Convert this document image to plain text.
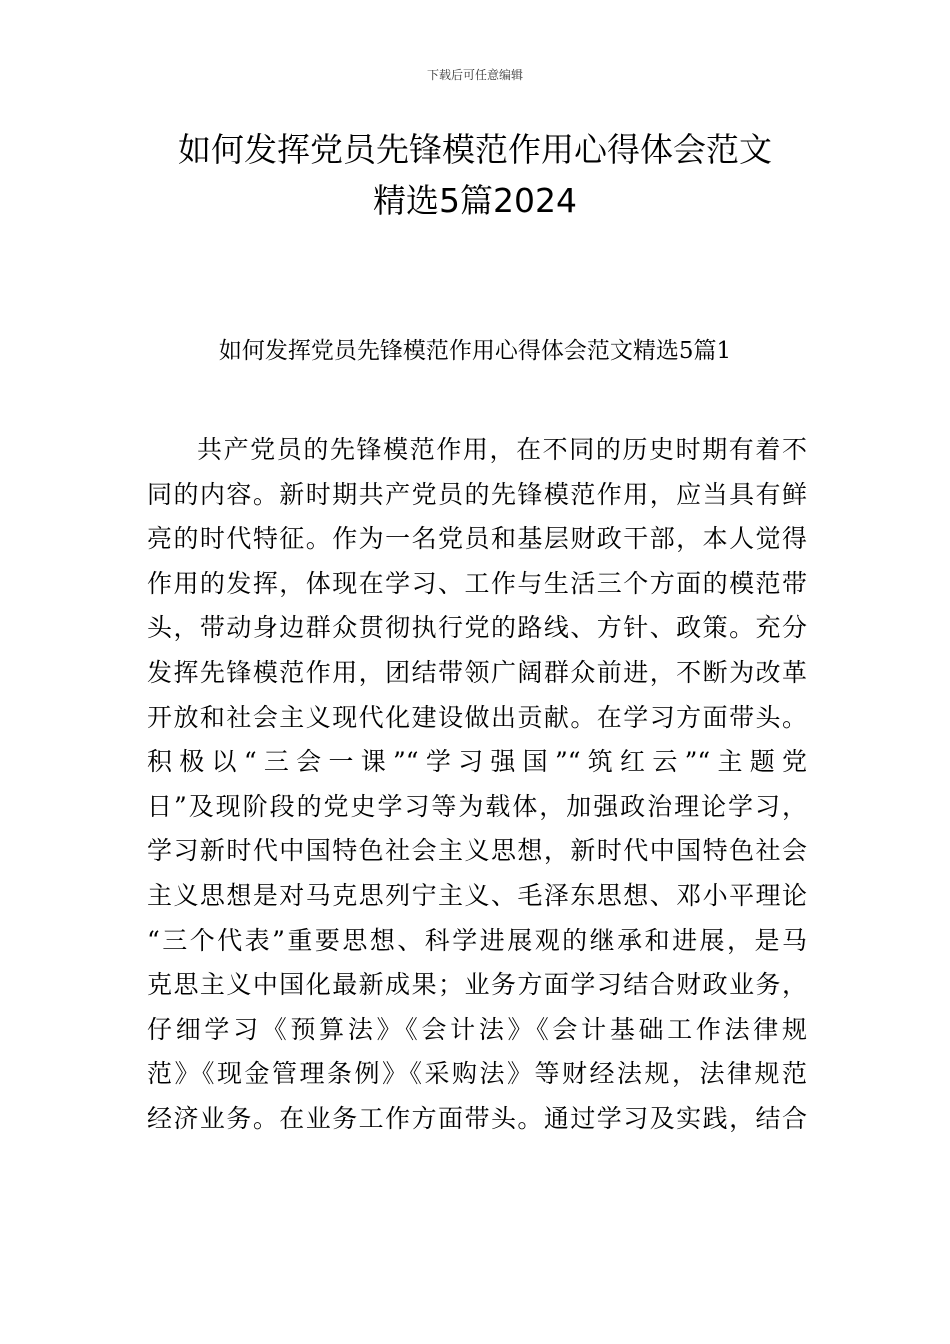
下载后可任意编辑
如何发挥党员先锋模范作用心得体会范文
精选5篇2024
如何发挥党员先锋模范作用心得体会范文精选5篇1
共产党员的先锋模范作用，在不同的历史时期有着不
同的内容。新时期共产党员的先锋模范作用，应当具有鲜
亮的时代特征。作为一名党员和基层财政干部，本人觉得
作用的发挥，体现在学习、工作与生活三个方面的模范带
头，带动身边群众贯彻执行党的路线、方针、政策。充分
发挥先锋模范作用，团结带领广阔群众前进，不断为改革
开放和社会主义现代化建设做出贡献。在学习方面带头。
积极以“三会一课”“学习强国”“筑红云”“主题党
日”及现阶段的党史学习等为载体，加强政治理论学习，
学习新时代中国特色社会主义思想，新时代中国特色社会
主义思想是对马克思列宁主义、毛泽东思想、邓小平理论
“三个代表”重要思想、科学进展观的继承和进展，是马
克思主义中国化最新成果；业务方面学习结合财政业务，
仔细学习《预算法》《会计法》《会计基础工作法律规
范》《现金管理条例》《采购法》等财经法规，法律规范
经济业务。在业务工作方面带头。通过学习及实践，结合
